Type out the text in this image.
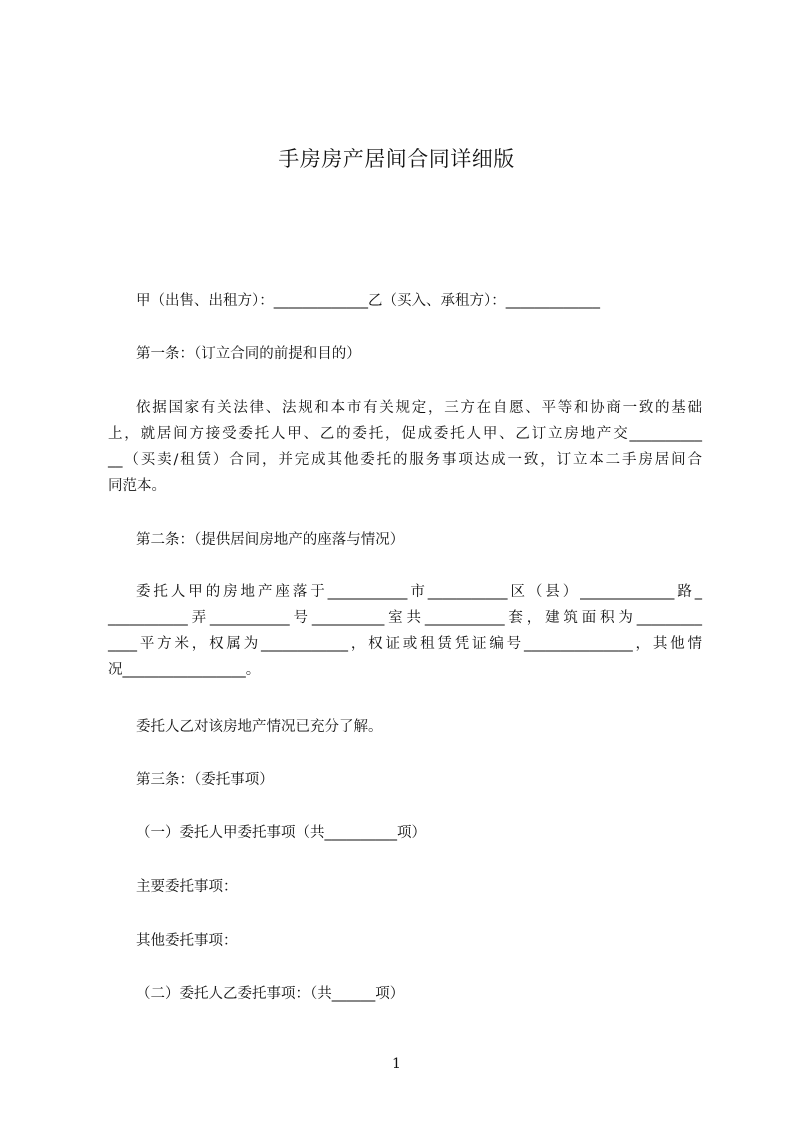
手房房产居间合同详细版
甲（出售、出租方）：_____________乙（买入、承租方）：_____________
第一条：（订立合同的前提和目的）
依据国家有关法律、法规和本市有关规定，三方在自愿、平等和协商一致的基础
上，就居间方接受委托人甲、乙的委托，促成委托人甲、乙订立房地产交__________
__（买卖/租赁）合同，并完成其他委托的服务事项达成一致，订立本二手房居间合
同范本。
第二条：（提供居间房地产的座落与情况）
委托人甲的房地产座落于___________市___________区（县）_____________路_
___________弄___________号__________室共___________套，建筑面积为_________
____平方米，权属为____________，权证或租赁凭证编号_______________，其他情
况_________________。
委托人乙对该房地产情况已充分了解。
第三条：（委托事项）
（一）委托人甲委托事项（共__________项）
主要委托事项：
其他委托事项：
（二）委托人乙委托事项：（共______项）
1
